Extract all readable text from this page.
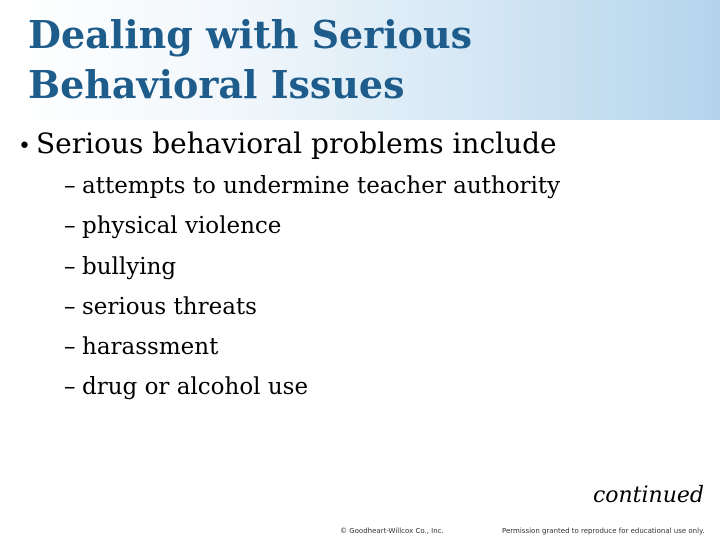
Dealing with Serious
Behavioral Issues
• Serious behavioral problems include
– attempts to undermine teacher authority
– physical violence
– bullying
– serious threats
– harassment
– drug or alcohol use
continued
© Goodheart-Willcox Co., Inc.	Permission granted to reproduce for educational use only.
